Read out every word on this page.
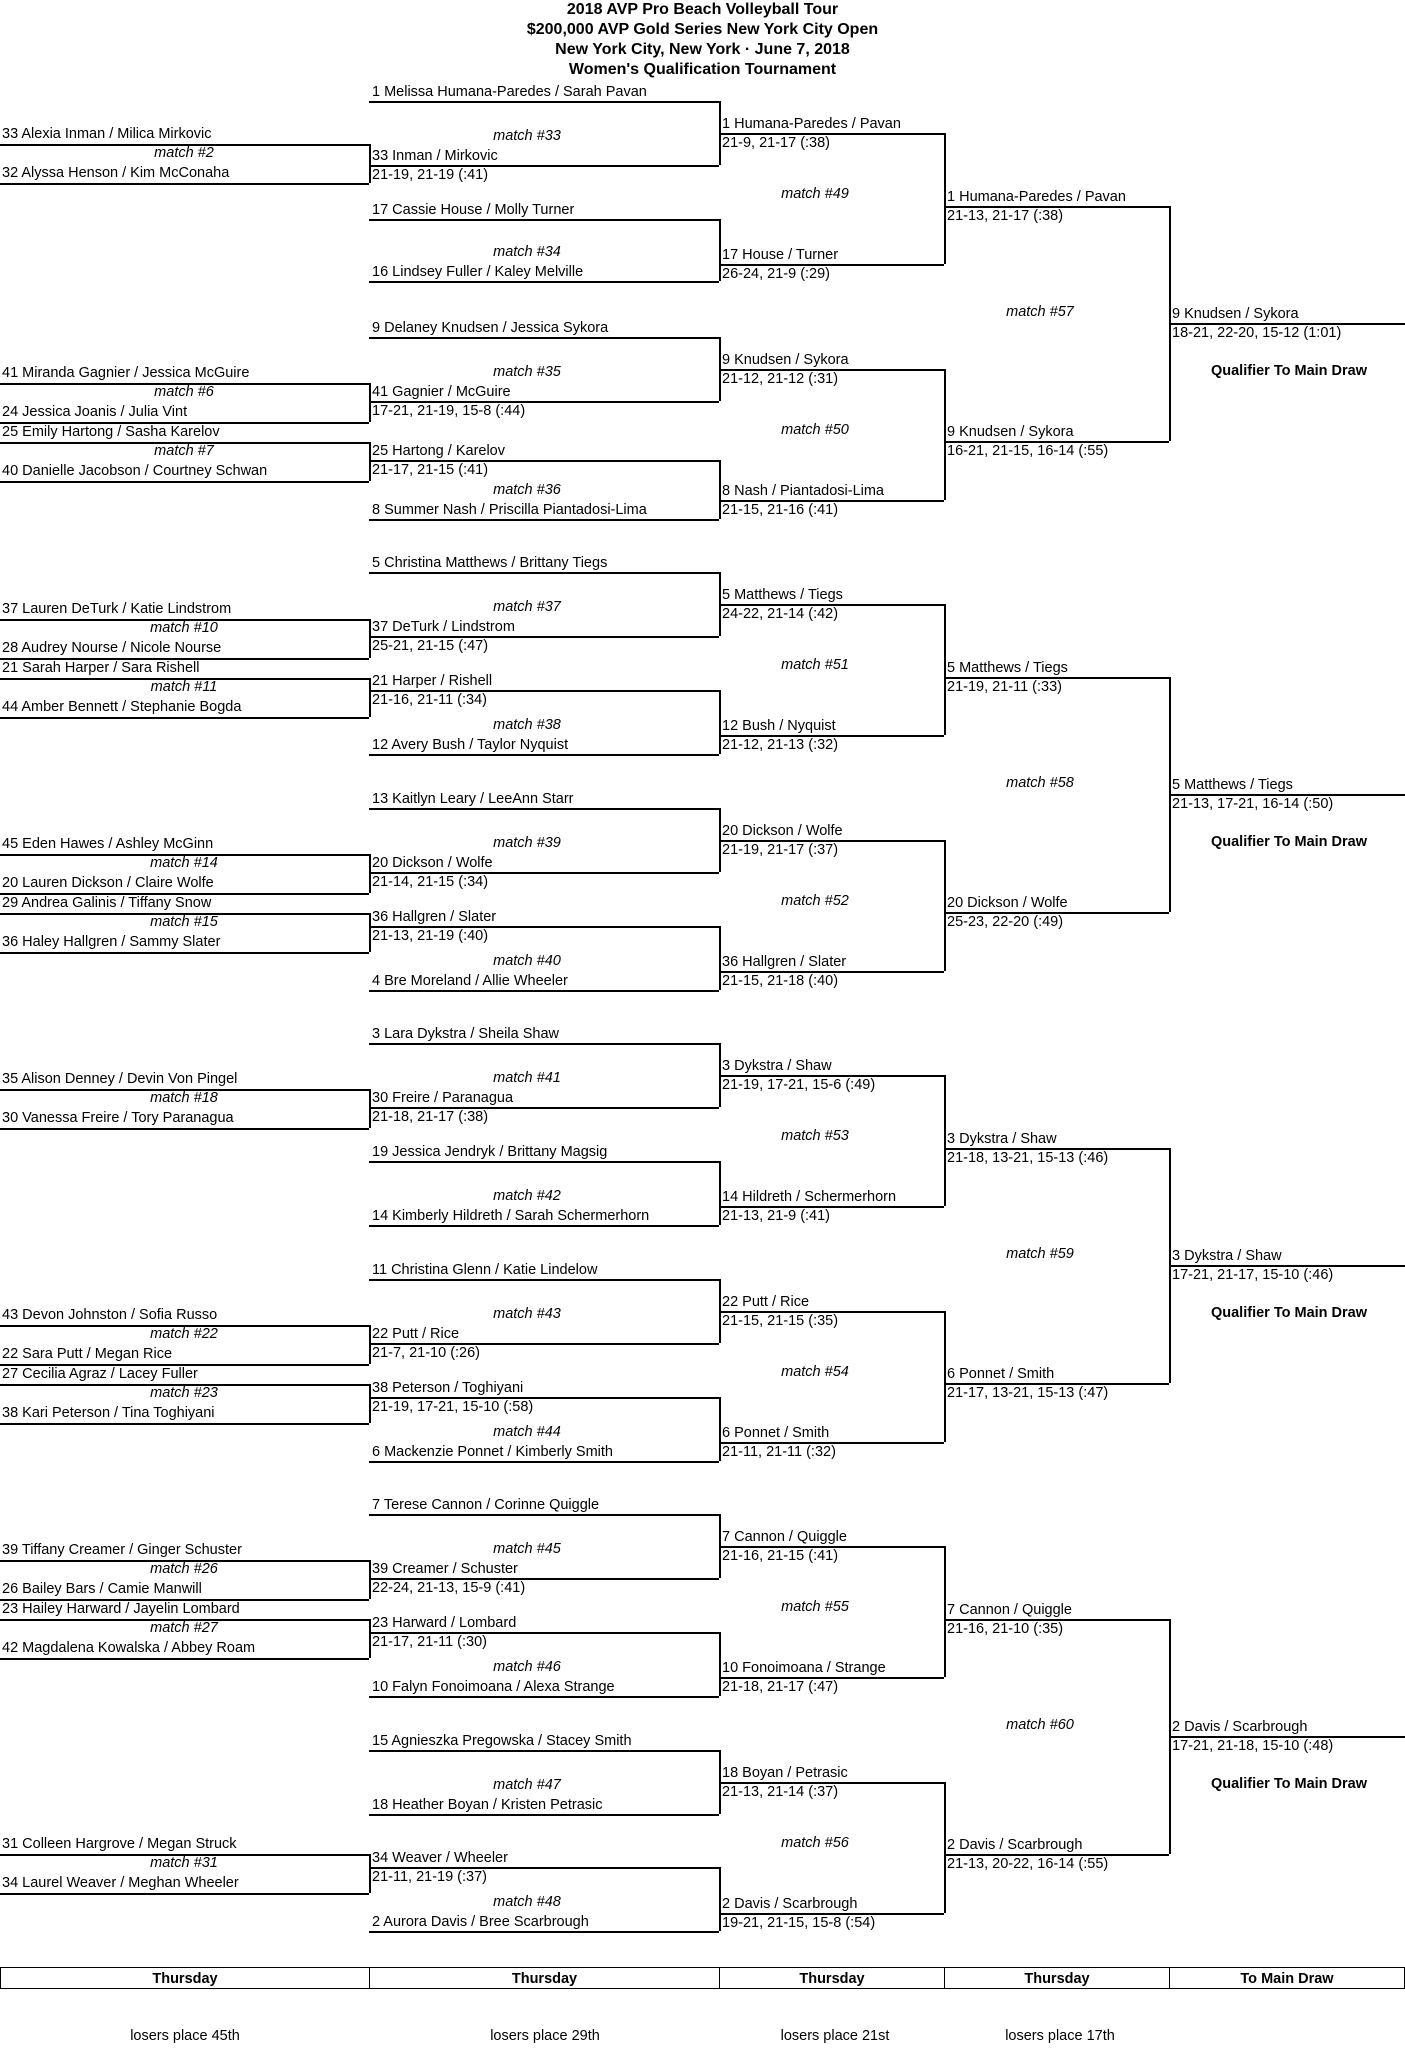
2018 AVP Pro Beach Volleyball Tour
$200,000 AVP Gold Series New York City Open
New York City, New York · June 7, 2018
Women's Qualification Tournament
33 Alexia Inman / Milica Mirkovic
match #2
32 Alyssa Henson / Kim McConaha
41 Miranda Gagnier / Jessica McGuire
match #6
24 Jessica Joanis / Julia Vint
25 Emily Hartong / Sasha Karelov
match #7
40 Danielle Jacobson / Courtney Schwan
37 Lauren DeTurk / Katie Lindstrom
match #10
28 Audrey Nourse / Nicole Nourse
21 Sarah Harper / Sara Rishell
match #11
44 Amber Bennett / Stephanie Bogda
45 Eden Hawes / Ashley McGinn
match #14
20 Lauren Dickson / Claire Wolfe
29 Andrea Galinis / Tiffany Snow
match #15
36 Haley Hallgren / Sammy Slater
35 Alison Denney / Devin Von Pingel
match #18
30 Vanessa Freire / Tory Paranagua
43 Devon Johnston / Sofia Russo
match #22
22 Sara Putt / Megan Rice
27 Cecilia Agraz / Lacey Fuller
match #23
38 Kari Peterson / Tina Toghiyani
39 Tiffany Creamer / Ginger Schuster
match #26
26 Bailey Bars / Camie Manwill
23 Hailey Harward / Jayelin Lombard
match #27
42 Magdalena Kowalska / Abbey Roam
31 Colleen Hargrove / Megan Struck
match #31
34 Laurel Weaver / Meghan Wheeler
1 Melissa Humana-Paredes / Sarah Pavan
match #33
33 Inman / Mirkovic
21-19, 21-19 (:41)
17 Cassie House / Molly Turner
match #34
16 Lindsey Fuller / Kaley Melville
9 Delaney Knudsen / Jessica Sykora
match #35
41 Gagnier / McGuire
17-21, 21-19, 15-8 (:44)
25 Hartong / Karelov
21-17, 21-15 (:41)
match #36
8 Summer Nash / Priscilla Piantadosi-Lima
5 Christina Matthews / Brittany Tiegs
match #37
37 DeTurk / Lindstrom
25-21, 21-15 (:47)
21 Harper / Rishell
21-16, 21-11 (:34)
match #38
12 Avery Bush / Taylor Nyquist
13 Kaitlyn Leary / LeeAnn Starr
match #39
20 Dickson / Wolfe
21-14, 21-15 (:34)
36 Hallgren / Slater
21-13, 21-19 (:40)
match #40
4 Bre Moreland / Allie Wheeler
3 Lara Dykstra / Sheila Shaw
match #41
30 Freire / Paranagua
21-18, 21-17 (:38)
19 Jessica Jendryk / Brittany Magsig
match #42
14 Kimberly Hildreth / Sarah Schermerhorn
11 Christina Glenn / Katie Lindelow
match #43
22 Putt / Rice
21-7, 21-10 (:26)
38 Peterson / Toghiyani
21-19, 17-21, 15-10 (:58)
match #44
6 Mackenzie Ponnet / Kimberly Smith
7 Terese Cannon / Corinne Quiggle
match #45
39 Creamer / Schuster
22-24, 21-13, 15-9 (:41)
23 Harward / Lombard
21-17, 21-11 (:30)
match #46
10 Falyn Fonoimoana / Alexa Strange
15 Agnieszka Pregowska / Stacey Smith
match #47
18 Heather Boyan / Kristen Petrasic
34 Weaver / Wheeler
21-11, 21-19 (:37)
match #48
2 Aurora Davis / Bree Scarbrough
1 Humana-Paredes / Pavan
21-9, 21-17 (:38)
match #49
17 House / Turner
26-24, 21-9 (:29)
9 Knudsen / Sykora
21-12, 21-12 (:31)
match #50
8 Nash / Piantadosi-Lima
21-15, 21-16 (:41)
5 Matthews / Tiegs
24-22, 21-14 (:42)
match #51
12 Bush / Nyquist
21-12, 21-13 (:32)
20 Dickson / Wolfe
21-19, 21-17 (:37)
match #52
36 Hallgren / Slater
21-15, 21-18 (:40)
3 Dykstra / Shaw
21-19, 17-21, 15-6 (:49)
match #53
14 Hildreth / Schermerhorn
21-13, 21-9 (:41)
22 Putt / Rice
21-15, 21-15 (:35)
match #54
6 Ponnet / Smith
21-11, 21-11 (:32)
7 Cannon / Quiggle
21-16, 21-15 (:41)
match #55
10 Fonoimoana / Strange
21-18, 21-17 (:47)
18 Boyan / Petrasic
21-13, 21-14 (:37)
match #56
2 Davis / Scarbrough
19-21, 21-15, 15-8 (:54)
1 Humana-Paredes / Pavan
21-13, 21-17 (:38)
match #57
9 Knudsen / Sykora
16-21, 21-15, 16-14 (:55)
5 Matthews / Tiegs
21-19, 21-11 (:33)
match #58
20 Dickson / Wolfe
25-23, 22-20 (:49)
3 Dykstra / Shaw
21-18, 13-21, 15-13 (:46)
match #59
6 Ponnet / Smith
21-17, 13-21, 15-13 (:47)
7 Cannon / Quiggle
21-16, 21-10 (:35)
match #60
2 Davis / Scarbrough
21-13, 20-22, 16-14 (:55)
9 Knudsen / Sykora
18-21, 22-20, 15-12 (1:01)
Qualifier To Main Draw
5 Matthews / Tiegs
21-13, 17-21, 16-14 (:50)
Qualifier To Main Draw
3 Dykstra / Shaw
17-21, 21-17, 15-10 (:46)
Qualifier To Main Draw
2 Davis / Scarbrough
17-21, 21-18, 15-10 (:48)
Qualifier To Main Draw
Thursday	Thursday	Thursday	Thursday	To Main Draw
losers place 45th	losers place 29th	losers place 21st	losers place 17th
